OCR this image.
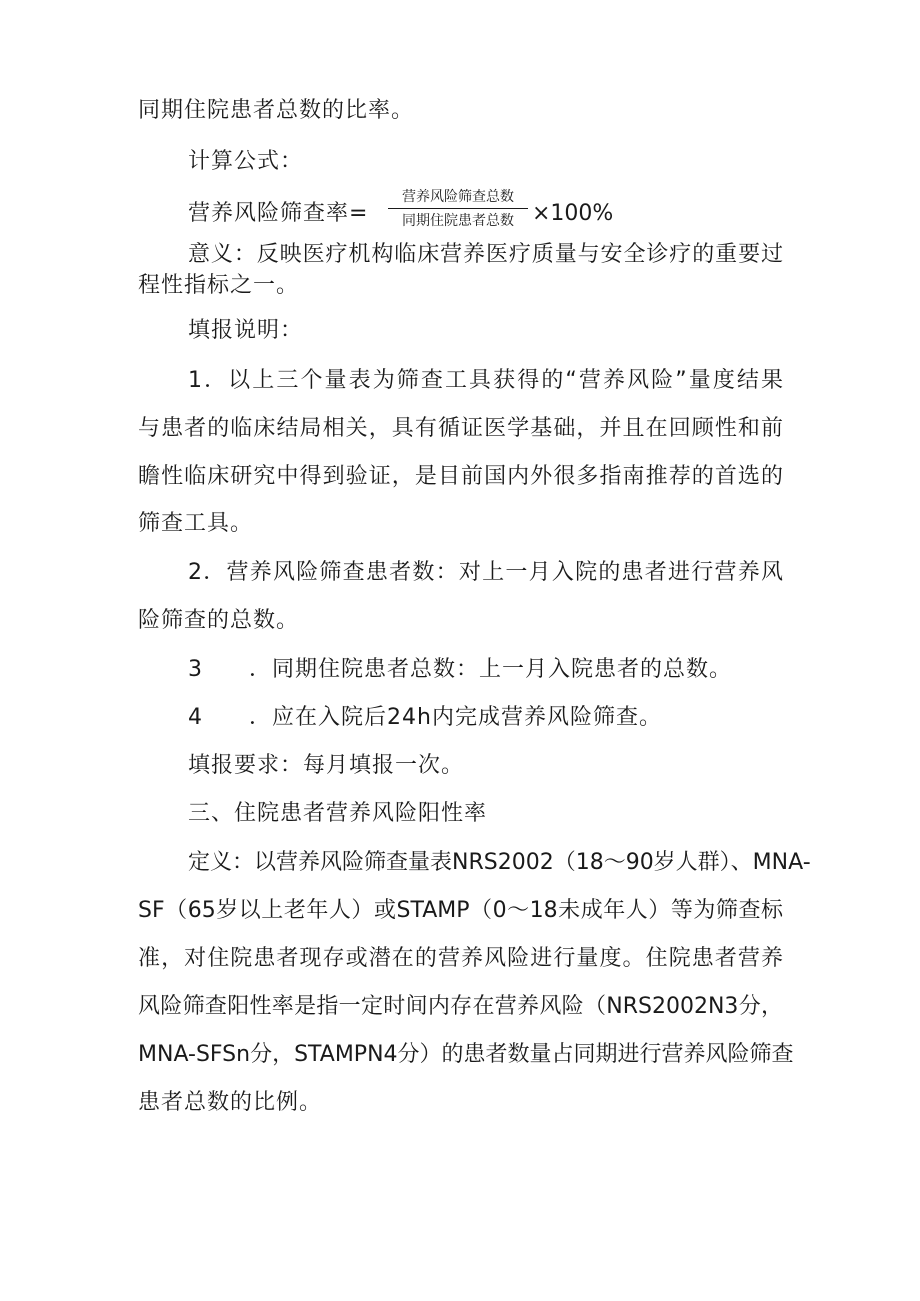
同期住院患者总数的比率。
计算公式：
营养风险筛查率=
营养风险筛查总数
同期住院患者总数 ×100%
意义：反映医疗机构临床营养医疗质量与安全诊疗的重要过
程性指标之一。
填报说明：
1．以上三个量表为筛查工具获得的“营养风险”量度结果
与患者的临床结局相关，具有循证医学基础，并且在回顾性和前
瞻性临床研究中得到验证，是目前国内外很多指南推荐的首选的
筛查工具。
2．营养风险筛查患者数：对上一月入院的患者进行营养风
险筛查的总数。
3 ．同期住院患者总数：上一月入院患者的总数。
4 ．应在入院后24h内完成营养风险筛查。
填报要求：每月填报一次。
三、住院患者营养风险阳性率
定义：以营养风险筛查量表NRS2002（18～90岁人群）、MNA-
SF（65岁以上老年人）或STAMP（0～18未成年人）等为筛查标
准，对住院患者现存或潜在的营养风险进行量度。住院患者营养
风险筛查阳性率是指一定时间内存在营养风险（NRS2002N3分，
MNA-SFSn分，STAMPN4分）的患者数量占同期进行营养风险筛查
患者总数的比例。
